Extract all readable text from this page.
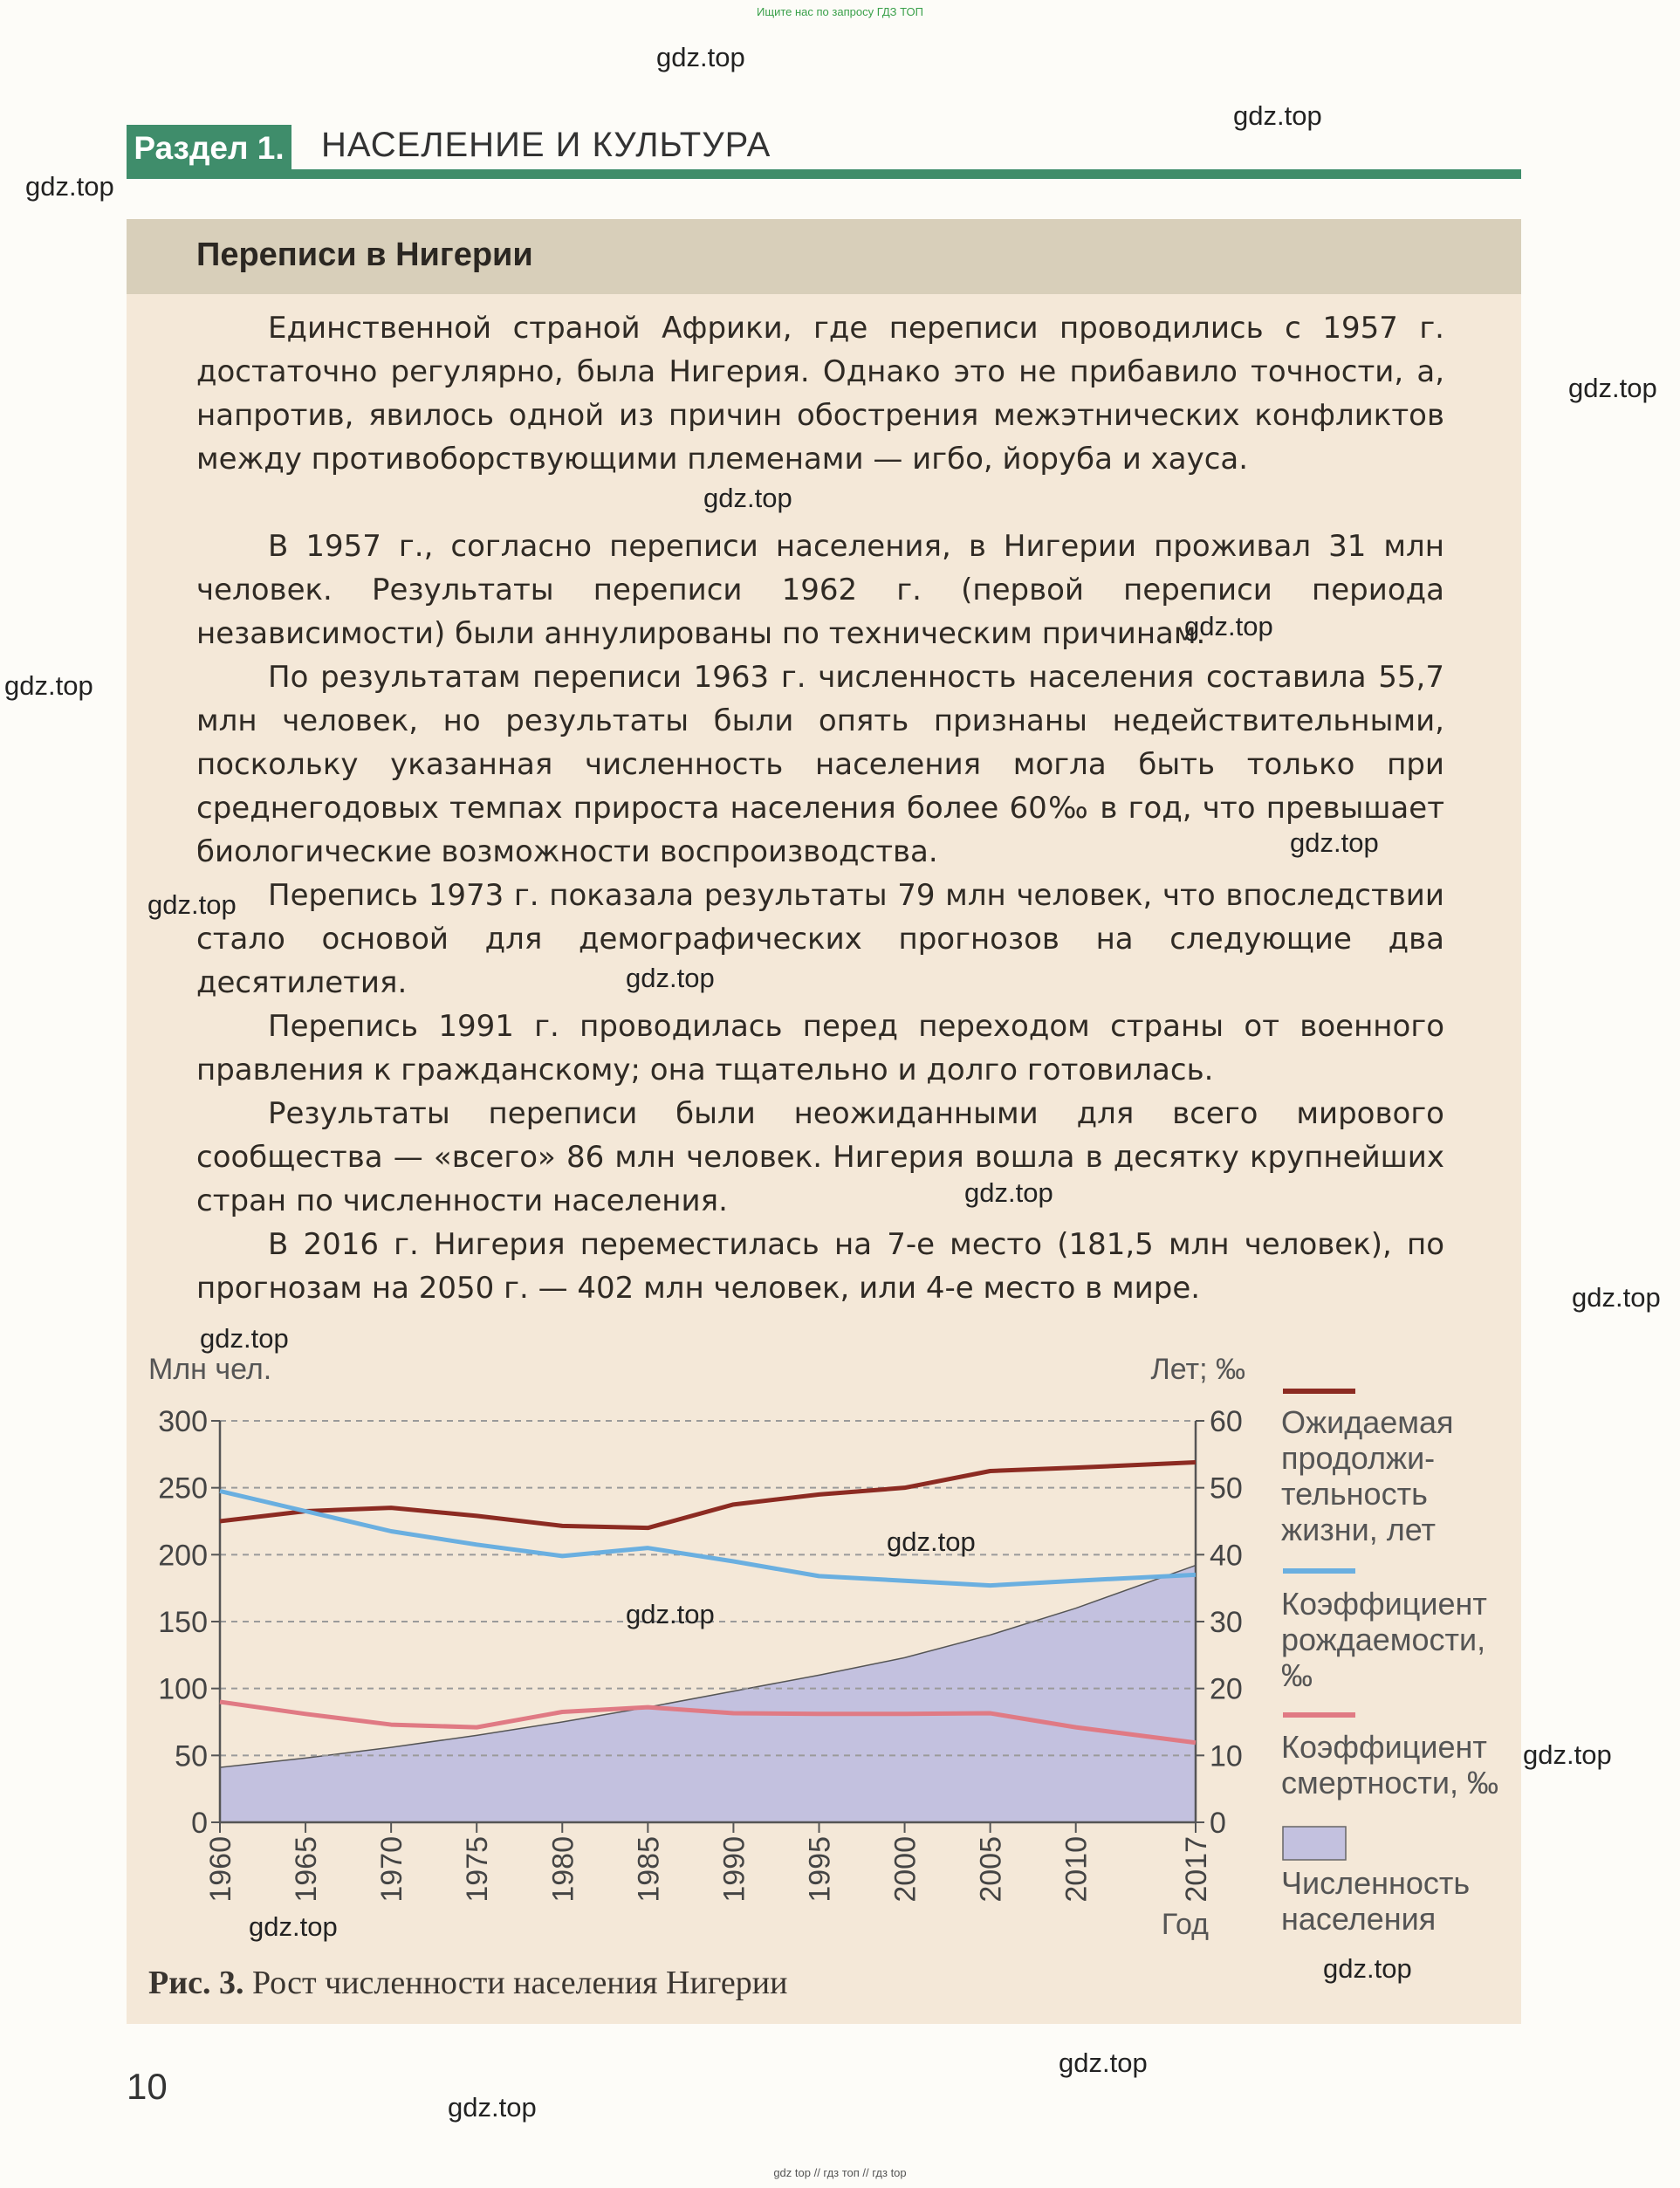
Ищите нас по запросу ГДЗ ТОП
Раздел 1. НАСЕЛЕНИЕ И КУЛЬТУРА
Переписи в Нигерии

Единственной страной Африки, где переписи проводились с 1957 г. достаточно регулярно, была Нигерия. Однако это не прибавило точности, а, напротив, явилось одной из причин обострения межэтнических конфликтов между противоборствующими племенами — игбо, йоруба и хауса.

В 1957 г., согласно переписи населения, в Нигерии проживал 31 млн человек. Результаты переписи 1962 г. (первой переписи периода независимости) были аннулированы по техническим причинам.

По результатам переписи 1963 г. численность населения составила 55,7 млн человек, но результаты были опять признаны недействительными, поскольку указанная численность населения могла быть только при среднегодовых темпах прироста населения более 60‰ в год, что превышает биологические возможности воспроизводства.

Перепись 1973 г. показала результаты 79 млн человек, что впоследствии стало основой для демографических прогнозов на следующие два десятилетия.

Перепись 1991 г. проводилась перед переходом страны от военного правления к гражданскому; она тщательно и долго готовилась.

Результаты переписи были неожиданными для всего мирового сообщества — «всего» 86 млн человек. Нигерия вошла в десятку крупнейших стран по численности населения.

В 2016 г. Нигерия переместилась на 7-е место (181,5 млн человек), по прогнозам на 2050 г. — 402 млн человек, или 4-е место в мире.

0
50
100
150
200
250
300
0
10
20
30
40
50
60
1960 1965 1970 1975 1980 1985 1990 1995 2000 2005 2010	2017
Млн чел.	Лет; ‰
Год
Ожидаемая
продолжи-
тельность
жизни, лет
Коэффициент
рождаемости,
‰
Коэффициент
смертности, ‰
Численность
населения
Рис. 3. Рост численности населения Нигерии
10
gdz.top
gdz.top
gdz.top
gdz.top
gdz.top
gdz.top
gdz.top
gdz.top
gdz.top
gdz.top
gdz.top
gdz.top
gdz.top
gdz.top
gdz.top
gdz.top
gdz.top
gdz.top
gdz.top
gdz.top
gdz top // гдз топ // гдз top
